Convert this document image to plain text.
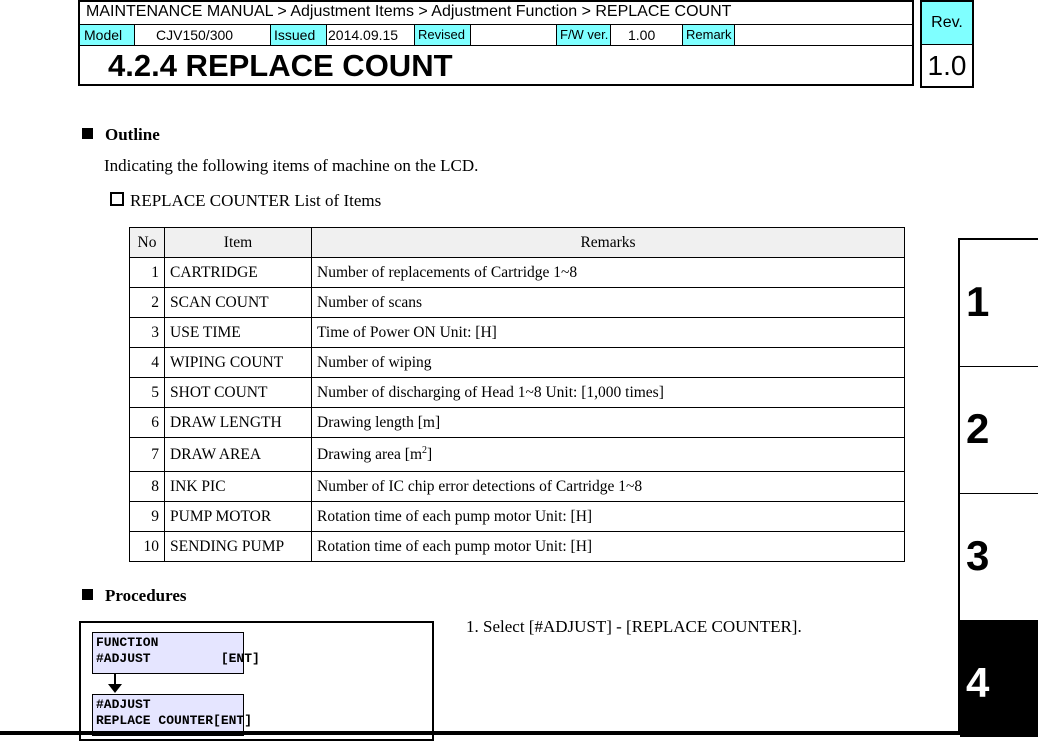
MAINTENANCE MANUAL > Adjustment Items > Adjustment Function > REPLACE COUNT
Model	CJV150/300	Issued 2014.09.15	Revised	F/W ver. 1.00	Remark
4.2.4 REPLACE COUNT
Rev.
1.0
Outline
Indicating the following items of machine on the LCD.
REPLACE COUNTER List of Items
No	Item	Remarks
1	CARTRIDGE	Number of replacements of Cartridge 1~8
2	SCAN COUNT	Number of scans
3	USE TIME	Time of Power ON Unit: [H]
4	WIPING COUNT	Number of wiping
5	SHOT COUNT	Number of discharging of Head 1~8 Unit: [1,000 times]
6	DRAW LENGTH	Drawing length [m]
7	DRAW AREA	Drawing area $[m^2]$
8	INK PIC	Number of IC chip error detections of Cartridge 1~8
9	PUMP MOTOR	Rotation time of each pump motor Unit: [H]
10	SENDING PUMP	Rotation time of each pump motor Unit: [H]
Procedures
FUNCTION
#ADJUST         [ENT]
#ADJUST
REPLACE COUNTER[ENT]
1. Select [#ADJUST] - [REPLACE COUNTER].
1
2
3
4
